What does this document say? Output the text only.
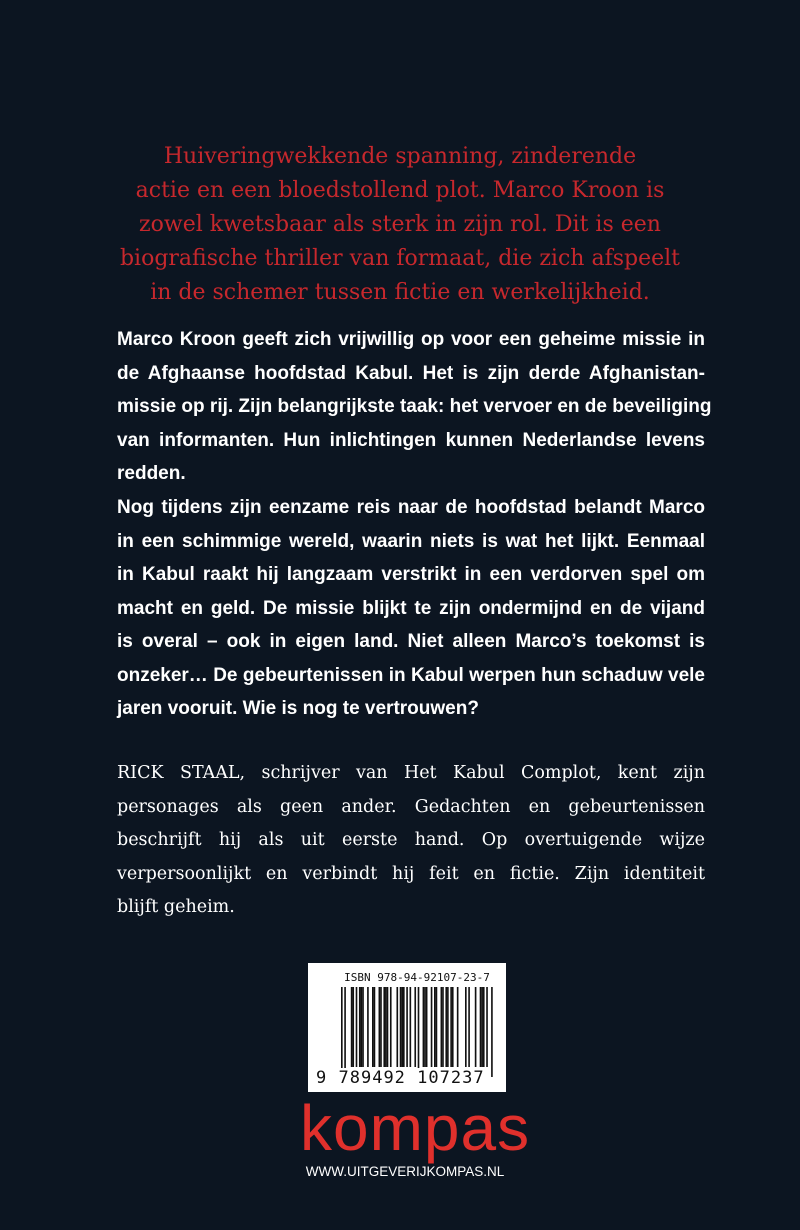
Huiveringwekkende spanning, zinderende
actie en een bloedstollend plot. Marco Kroon is
zowel kwetsbaar als sterk in zijn rol. Dit is een
biografische thriller van formaat, die zich afspeelt
in de schemer tussen fictie en werkelijkheid.
Marco Kroon geeft zich vrijwillig op voor een geheime missie in
de Afghaanse hoofdstad Kabul. Het is zijn derde Afghanistan-
missie op rij. Zijn belangrijkste taak: het vervoer en de beveiliging
van informanten. Hun inlichtingen kunnen Nederlandse levens
redden.
Nog tijdens zijn eenzame reis naar de hoofdstad belandt Marco
in een schimmige wereld, waarin niets is wat het lijkt. Eenmaal
in Kabul raakt hij langzaam verstrikt in een verdorven spel om
macht en geld. De missie blijkt te zijn ondermijnd en de vijand
is overal – ook in eigen land. Niet alleen Marco’s toekomst is
onzeker… De gebeurtenissen in Kabul werpen hun schaduw vele
jaren vooruit. Wie is nog te vertrouwen?
RICK STAAL, schrijver van Het Kabul Complot, kent zijn
personages als geen ander. Gedachten en gebeurtenissen
beschrijft hij als uit eerste hand. Op overtuigende wijze
verpersoonlijkt en verbindt hij feit en fictie. Zijn identiteit
blijft geheim.
ISBN 978-94-92107-23-7
9 789492 107237
kompas
WWW.UITGEVERIJKOMPAS.NL
